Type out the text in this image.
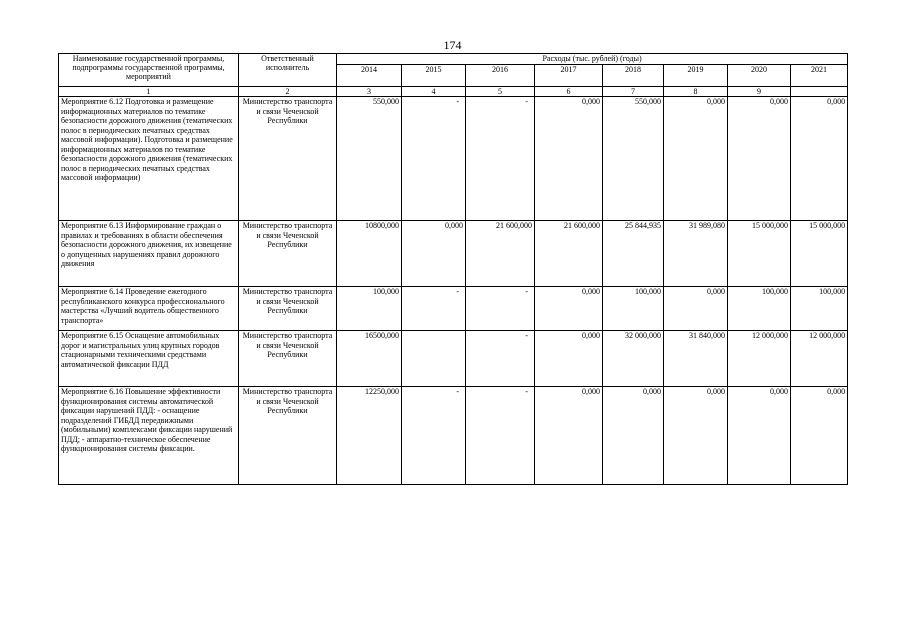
174
Наименование государственной программы, подпрограммы государственной программы, мероприятий	Ответственный исполнитель	Расходы (тыс. рублей) (годы)							
		2014	2015	2016	2017	2018	2019	2020	2021
1	2	3	4	5	6	7	8	9	
Мероприятие 6.12 Подготовка и размещение информационных материалов по тематике безопасности дорожного движения (тематических полос в периодических печатных средствах массовой информации). Подготовка и размещение информационных материалов по тематике безопасности дорожного движения (тематических полос в периодических печатных средствах массовой информации)	Министерство транспорта и связи Чеченской Республики	550,000	-	-	0,000	550,000	0,000	0,000	0,000
Мероприятие 6.13 Информирование граждан о правилах и требованиях в области обеспечения безопасности дорожного движения, их извещение о допущенных нарушениях правил дорожного движения	Министерство транспорта и связи Чеченской Республики	10800,000	0,000	21 600,000	21 600,000	25 844,935	31 989,080	15 000,000	15 000,000
Мероприятие 6.14 Проведение ежегодного республиканского конкурса профессионального мастерства «Лучший водитель общественного транспорта»	Министерство транспорта и связи Чеченской Республики	100,000	-	-	0,000	100,000	0,000	100,000	100,000
Мероприятие 6.15 Оснащение автомобильных дорог и магистральных улиц крупных городов стационарными техническими средствами автоматической фиксации ПДД	Министерство транспорта и связи Чеченской Республики	16500,000		-	0,000	32 000,000	31 840,000	12 000,000	12 000,000
Мероприятие 6.16 Повышение эффективности функционирования системы автоматической фиксации нарушений ПДД: - оснащение подразделений ГИБДД передвижными (мобильными) комплексами фиксации нарушений ПДД; - аппаратно-техническое обеспечение функционирования системы фиксации.	Министерство транспорта и связи Чеченской Республики	12250,000	-	-	0,000	0,000	0,000	0,000	0,000
